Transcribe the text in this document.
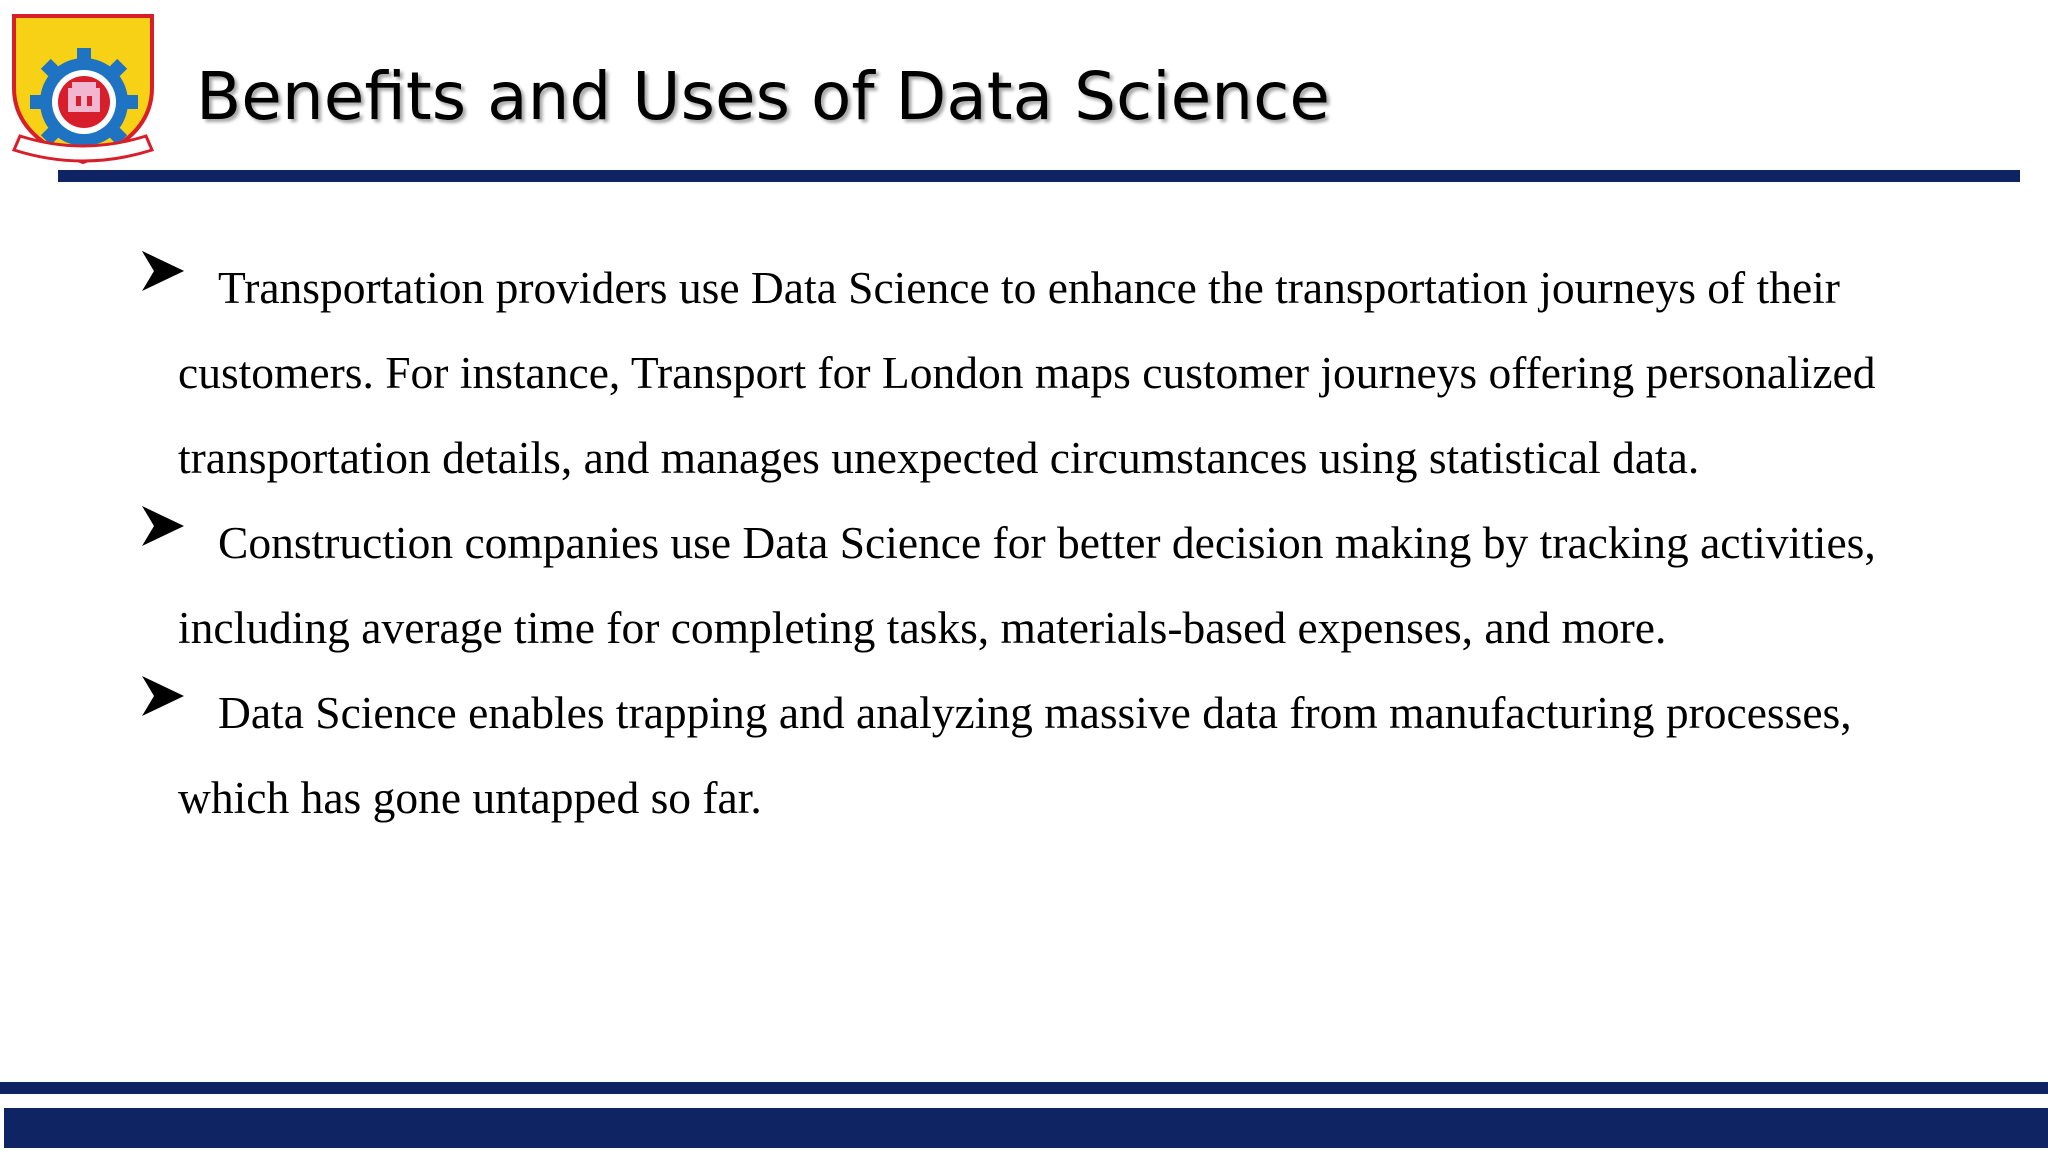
Benefits and Uses of Data Science
Transportation providers use Data Science to enhance the transportation journeys of their customers. For instance, Transport for London maps customer journeys offering personalized transportation details, and manages unexpected circumstances using statistical data.
Construction companies use Data Science for better decision making by tracking activities, including average time for completing tasks, materials-based expenses, and more.
Data Science enables trapping and analyzing massive data from manufacturing processes, which has gone untapped so far.
